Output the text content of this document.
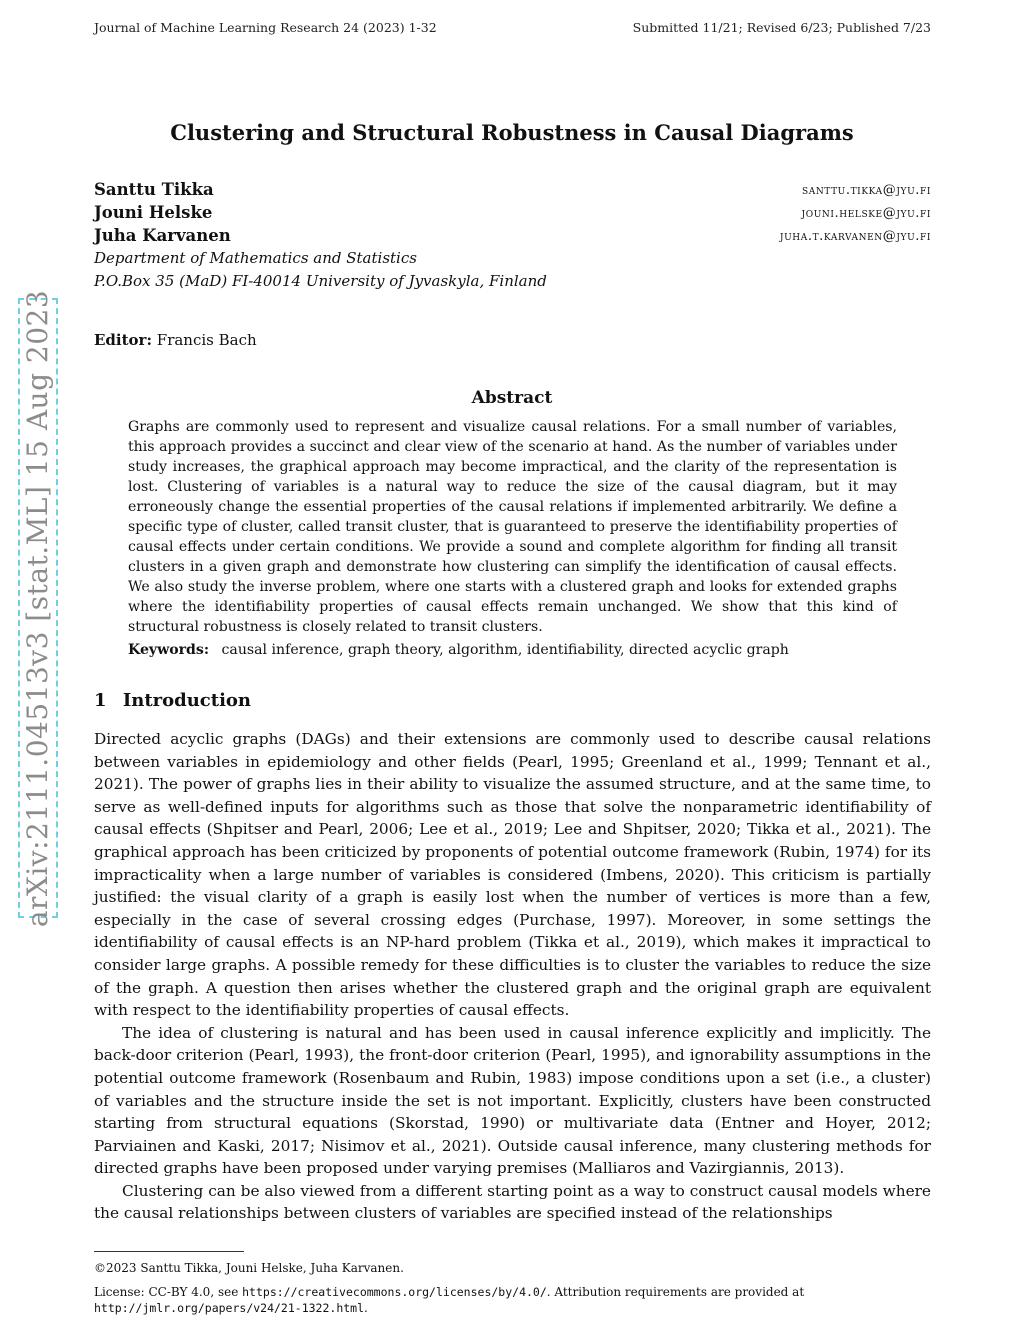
Journal of Machine Learning Research 24 (2023) 1-32	Submitted 11/21; Revised 6/23; Published 7/23
Clustering and Structural Robustness in Causal Diagrams
Santtu Tikka	santtu.tikka@jyu.fi
Jouni Helske	jouni.helske@jyu.fi
Juha Karvanen	juha.t.karvanen@jyu.fi
Department of Mathematics and Statistics
P.O.Box 35 (MaD) FI-40014 University of Jyvaskyla, Finland
Editor: Francis Bach
Abstract
Graphs are commonly used to represent and visualize causal relations. For a small number of variables, this approach provides a succinct and clear view of the scenario at hand. As the number of variables under study increases, the graphical approach may become impractical, and the clarity of the representation is lost. Clustering of variables is a natural way to reduce the size of the causal diagram, but it may erroneously change the essential properties of the causal relations if implemented arbitrarily. We define a specific type of cluster, called transit cluster, that is guaranteed to preserve the identifiability properties of causal effects under certain conditions. We provide a sound and complete algorithm for finding all transit clusters in a given graph and demonstrate how clustering can simplify the identification of causal effects. We also study the inverse problem, where one starts with a clustered graph and looks for extended graphs where the identifiability properties of causal effects remain unchanged. We show that this kind of structural robustness is closely related to transit clusters.
Keywords: causal inference, graph theory, algorithm, identifiability, directed acyclic graph
1 Introduction

Directed acyclic graphs (DAGs) and their extensions are commonly used to describe causal relations between variables in epidemiology and other fields (Pearl, 1995; Greenland et al., 1999; Tennant et al., 2021). The power of graphs lies in their ability to visualize the assumed structure, and at the same time, to serve as well-defined inputs for algorithms such as those that solve the nonparametric identifiability of causal effects (Shpitser and Pearl, 2006; Lee et al., 2019; Lee and Shpitser, 2020; Tikka et al., 2021). The graphical approach has been criticized by proponents of potential outcome framework (Rubin, 1974) for its impracticality when a large number of variables is considered (Imbens, 2020). This criticism is partially justified: the visual clarity of a graph is easily lost when the number of vertices is more than a few, especially in the case of several crossing edges (Purchase, 1997). Moreover, in some settings the identifiability of causal effects is an NP-hard problem (Tikka et al., 2019), which makes it impractical to consider large graphs. A possible remedy for these difficulties is to cluster the variables to reduce the size of the graph. A question then arises whether the clustered graph and the original graph are equivalent with respect to the identifiability properties of causal effects.

The idea of clustering is natural and has been used in causal inference explicitly and implicitly. The back-door criterion (Pearl, 1993), the front-door criterion (Pearl, 1995), and ignorability assumptions in the potential outcome framework (Rosenbaum and Rubin, 1983) impose conditions upon a set (i.e., a cluster) of variables and the structure inside the set is not important. Explicitly, clusters have been constructed starting from structural equations (Skorstad, 1990) or multivariate data (Entner and Hoyer, 2012; Parviainen and Kaski, 2017; Nisimov et al., 2021). Outside causal inference, many clustering methods for directed graphs have been proposed under varying premises (Malliaros and Vazirgiannis, 2013).

Clustering can be also viewed from a different starting point as a way to construct causal models where the causal relationships between clusters of variables are specified instead of the relationships

©2023 Santtu Tikka, Jouni Helske, Juha Karvanen.
License: CC-BY 4.0, see https://creativecommons.org/licenses/by/4.0/. Attribution requirements are provided at
http://jmlr.org/papers/v24/21-1322.html.
arXiv:2111.04513v3 [stat.ML] 15 Aug 2023
